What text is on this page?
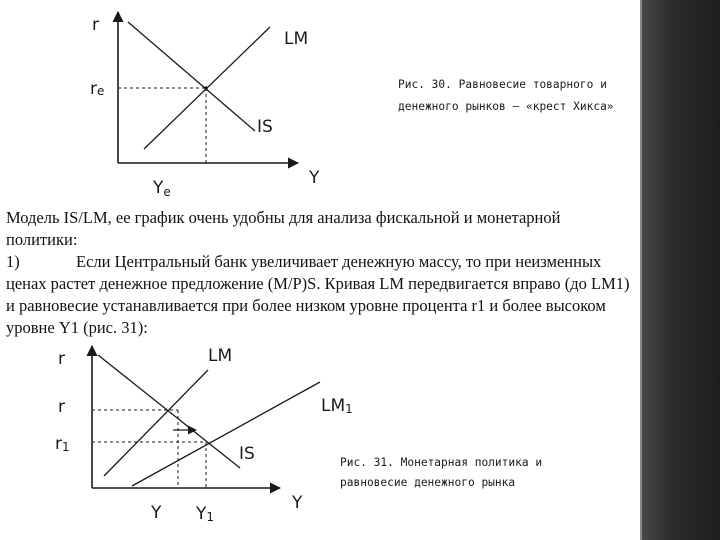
r
LM
re
IS
Y
Ye
Рис. 30. Равновесие товарного и
денежного рынков – «крест Хикса»
r	LM
r	LM1
r1	IS
Y
Y Y1
Рис. 31. Монетарная политика и
равновесие денежного рынка

Модель IS/LM, ее график очень удобны для анализа фискальной и монетарной политики:

1)	Если Центральный банк увеличивает денежную массу, то при неизменных ценах растет денежное предложение (M/P)S. Кривая LM передвигается вправо (до LM1) и равновесие устанавливается при более низком уровне процента r1 и более высоком уровне Y1 (рис. 31):
